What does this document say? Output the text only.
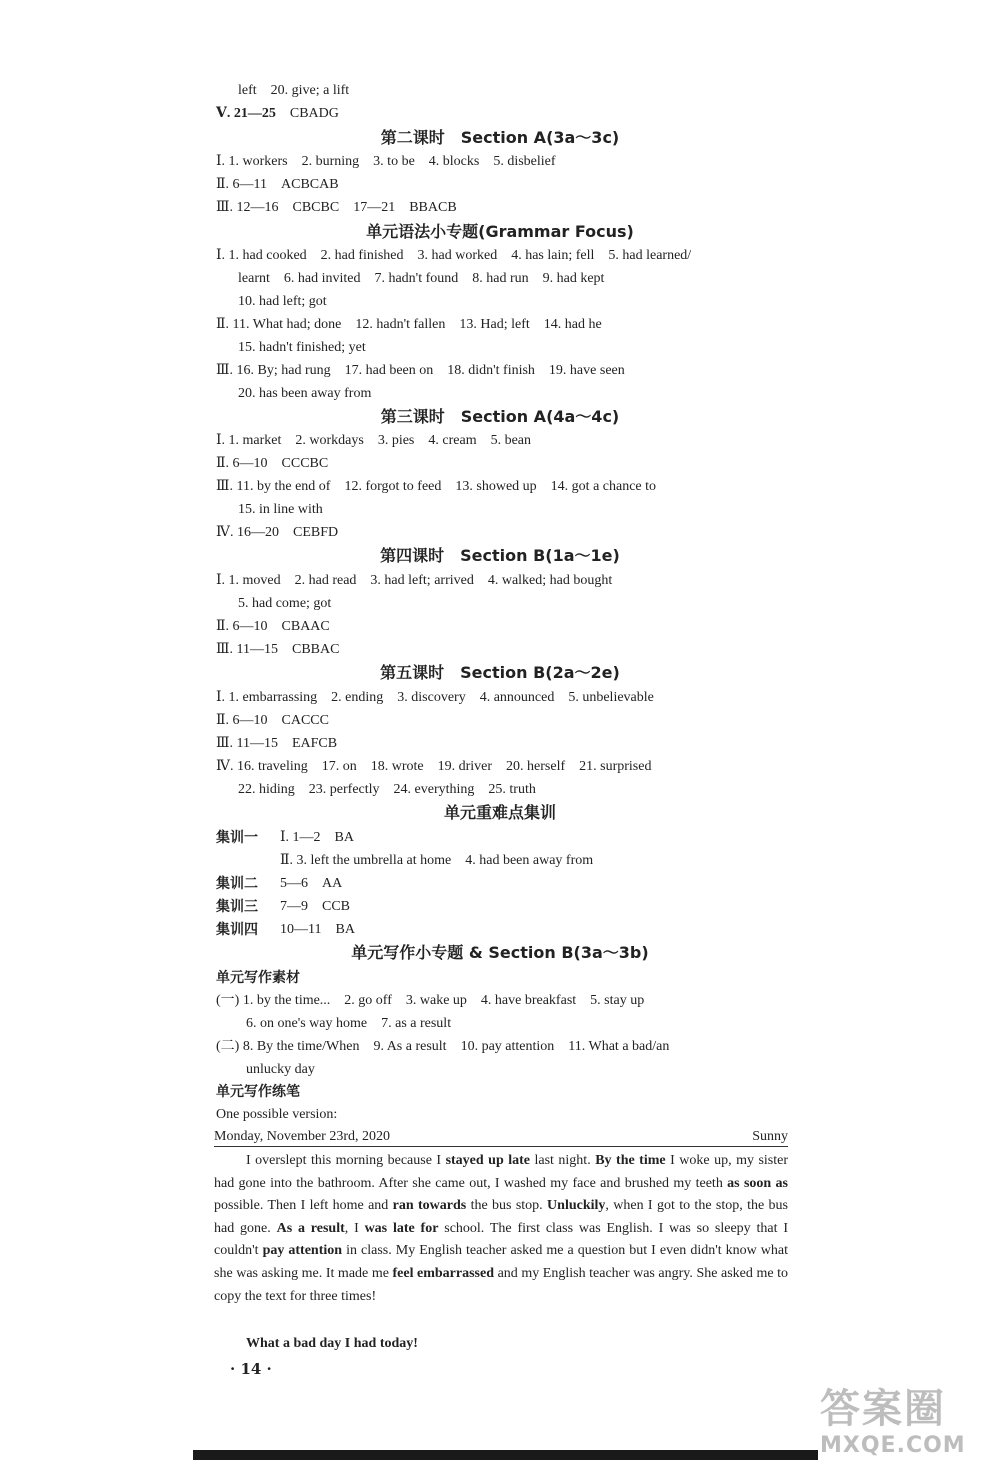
left　20. give; a lift
Ⅴ. 21—25 CBADG
第二课时　Section A(3a～3c)
Ⅰ. 1. workers　2. burning　3. to be　4. blocks　5. disbelief
Ⅱ. 6—11　ACBCAB
Ⅲ. 12—16　CBCBC　17—21　BBACB
单元语法小专题(Grammar Focus)
Ⅰ. 1. had cooked　2. had finished　3. had worked　4. has lain; fell　5. had learned/
learnt　6. had invited　7. hadn't found　8. had run　9. had kept
10. had left; got
Ⅱ. 11. What had; done　12. hadn't fallen　13. Had; left　14. had he
15. hadn't finished; yet
Ⅲ. 16. By; had rung　17. had been on　18. didn't finish　19. have seen
20. has been away from
第三课时　Section A(4a～4c)
Ⅰ. 1. market　2. workdays　3. pies　4. cream　5. bean
Ⅱ. 6—10　CCCBC
Ⅲ. 11. by the end of　12. forgot to feed　13. showed up　14. got a chance to
15. in line with
Ⅳ. 16—20　CEBFD
第四课时　Section B(1a～1e)
Ⅰ. 1. moved　2. had read　3. had left; arrived　4. walked; had bought
5. had come; got
Ⅱ. 6—10　CBAAC
Ⅲ. 11—15　CBBAC
第五课时　Section B(2a～2e)
Ⅰ. 1. embarrassing　2. ending　3. discovery　4. announced　5. unbelievable
Ⅱ. 6—10　CACCC
Ⅲ. 11—15　EAFCB
Ⅳ. 16. traveling　17. on　18. wrote　19. driver　20. herself　21. surprised
22. hiding　23. perfectly　24. everything　25. truth
单元重难点集训
集训一 Ⅰ. 1—2　BA
Ⅱ. 3. left the umbrella at home　4. had been away from
集训二 5—6　AA
集训三 7—9　CCB
集训四 10—11　BA
单元写作小专题 & Section B(3a～3b)
单元写作素材
(一) 1. by the time...　2. go off　3. wake up　4. have breakfast　5. stay up
6. on one's way home　7. as a result
(二) 8. By the time/When　9. As a result　10. pay attention　11. What a bad/an
unlucky day
单元写作练笔
One possible version:
Monday, November 23rd, 2020	Sunny
I overslept this morning because I stayed up late last night. By the time I woke up, my sister had gone into the bathroom. After she came out, I washed my face and brushed my teeth as soon as possible. Then I left home and ran towards the bus stop. Unluckily, when I got to the stop, the bus had gone. As a result, I was late for school. The first class was English. I was so sleepy that I couldn't pay attention in class. My English teacher asked me a question but I even didn't know what she was asking me. It made me feel embarrassed and my English teacher was angry. She asked me to copy the text for three times!
What a bad day I had today!
· 14 ·
答案圈
MXQE.COM
